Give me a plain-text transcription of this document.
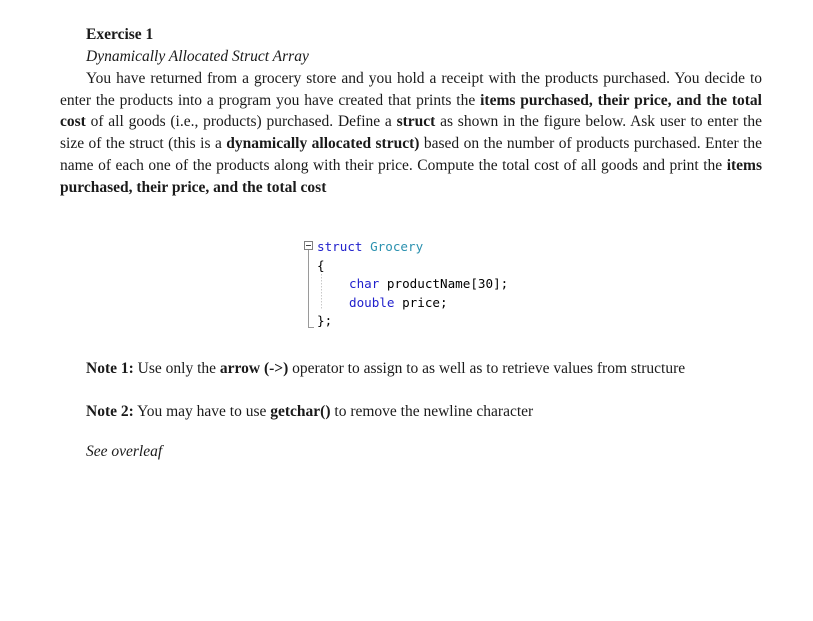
Exercise 1
Dynamically Allocated Struct Array

You have returned from a grocery store and you hold a receipt with the products purchased. You decide to enter the products into a program you have created that prints the items purchased, their price, and the total cost of all goods (i.e., products) purchased. Define a struct as shown in the figure below. Ask user to enter the size of the struct (this is a dynamically allocated struct) based on the number of products purchased. Enter the name of each one of the products along with their price. Compute the total cost of all goods and print the items purchased, their price, and the total cost

struct Grocery
{
char productName[30];
double price;
};

Note 1: Use only the arrow (->) operator to assign to as well as to retrieve values from structure

Note 2: You may have to use getchar() to remove the newline character

See overleaf
